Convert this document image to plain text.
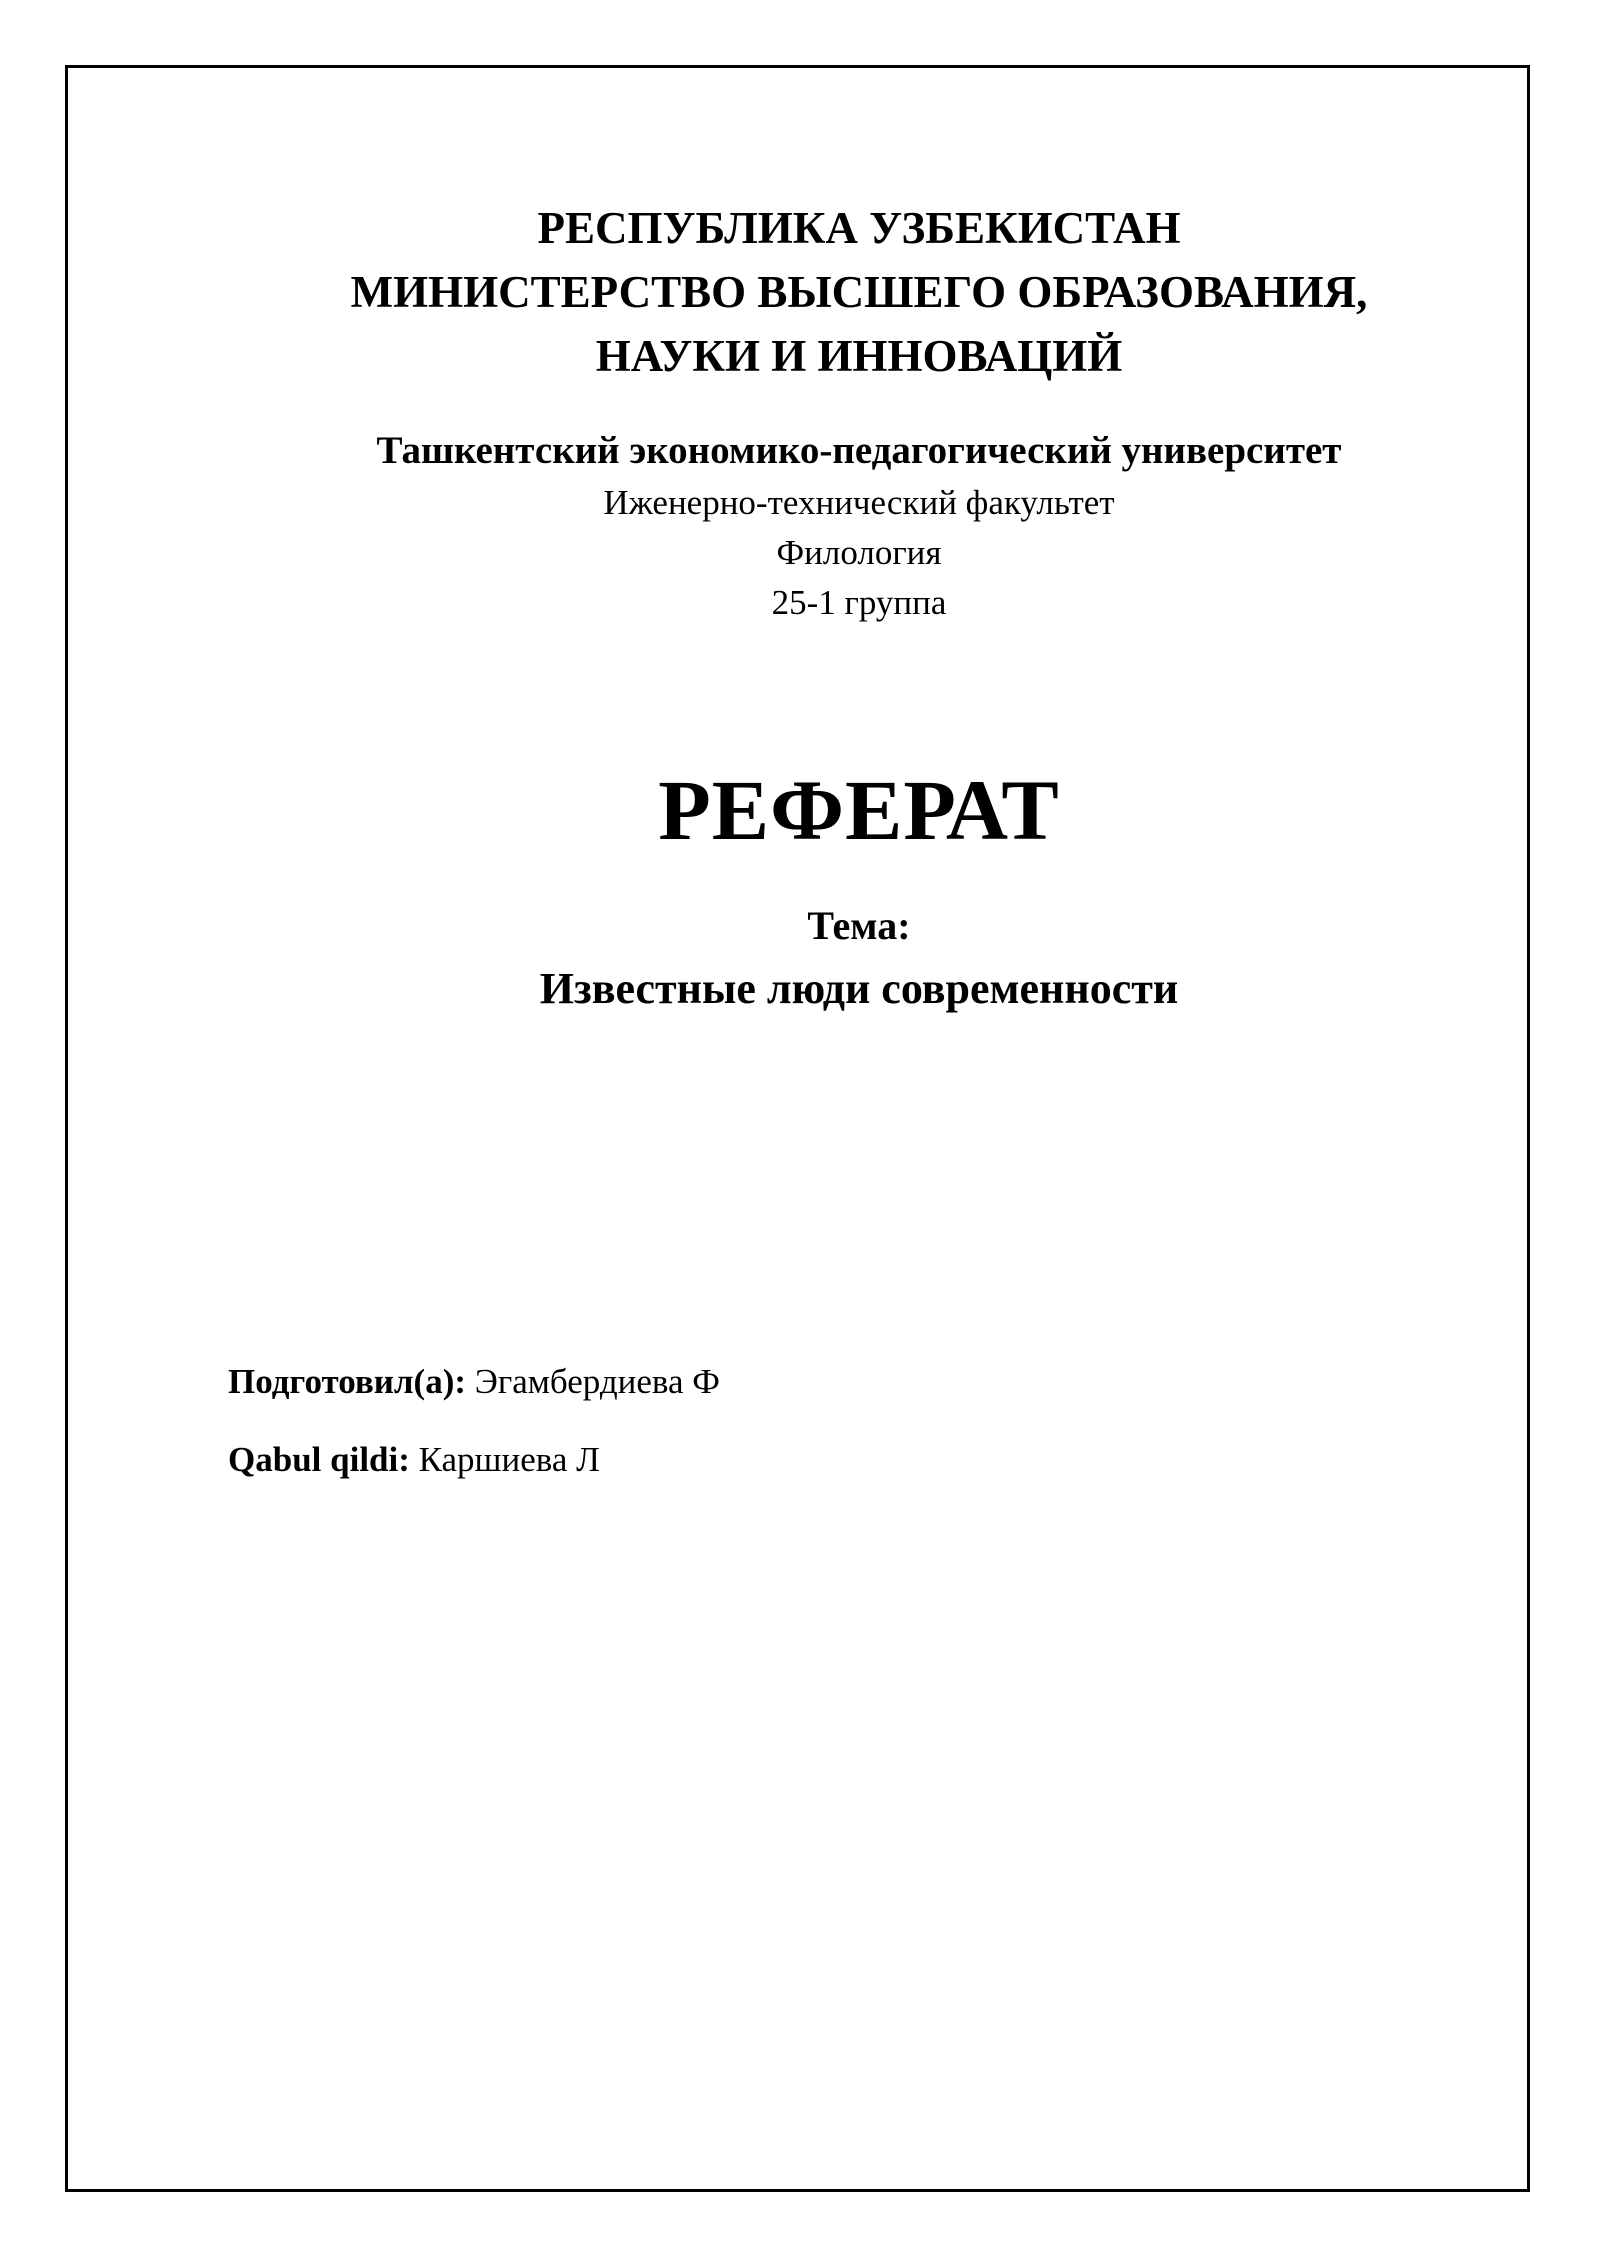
РЕСПУБЛИКА УЗБЕКИСТАН
МИНИСТЕРСТВО ВЫСШЕГО ОБРАЗОВАНИЯ,
НАУКИ И ИННОВАЦИЙ
Ташкентский экономико-педагогический университет
Иженерно-технический факультет
Филология
25-1 группа
РЕФЕРАТ
Тема:
Известные люди современности
Подготовил(а): Эгамбердиева Ф
Qabul qildi: Каршиева Л
